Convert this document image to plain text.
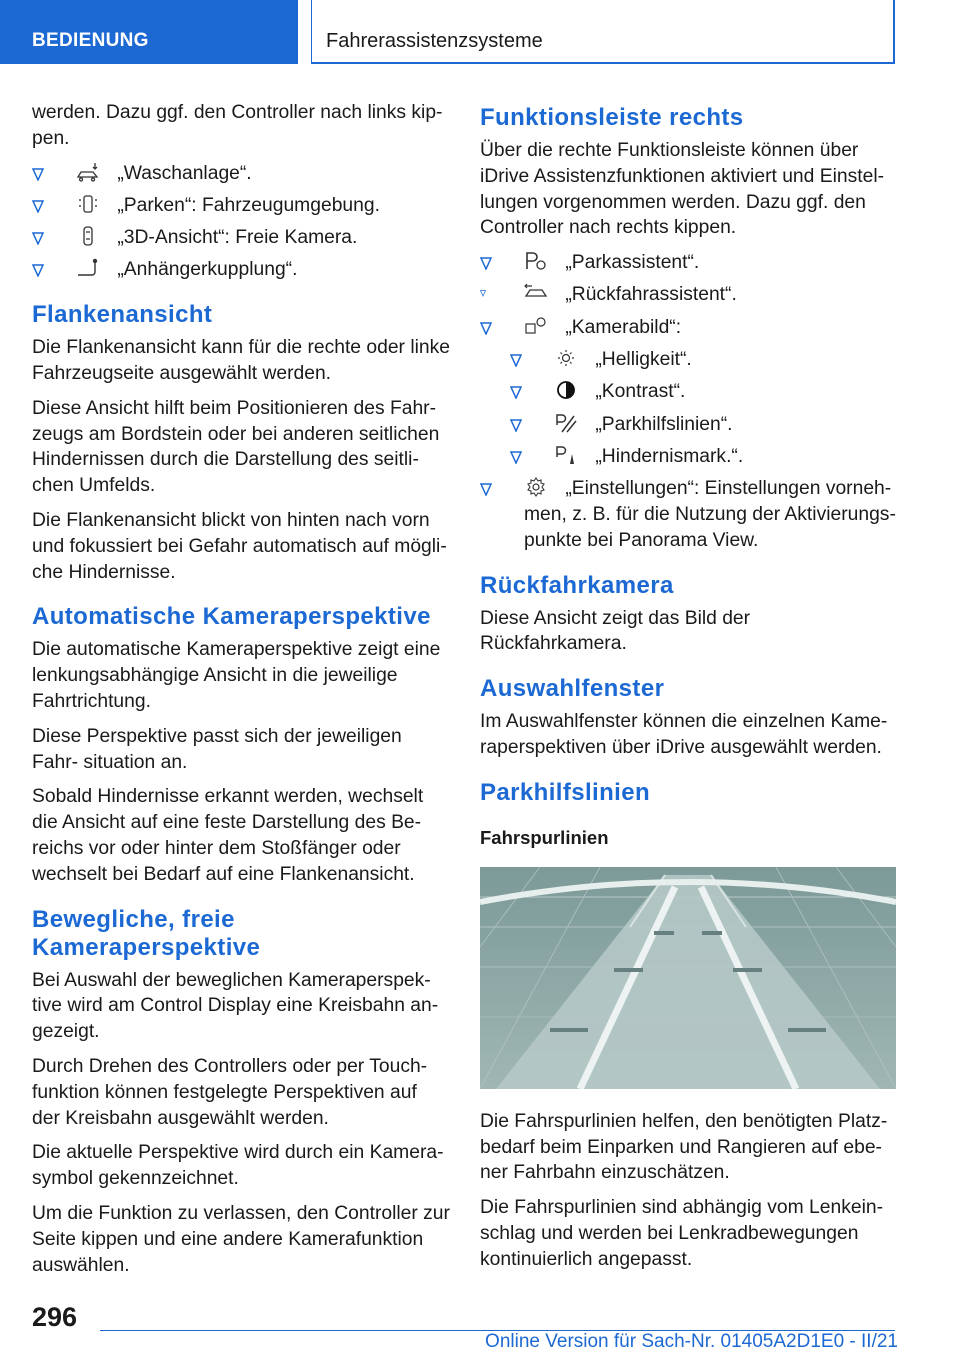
BEDIENUNG	Fahrerassistenzsysteme

werden. Dazu ggf. den Controller nach links kip- pen.

„Waschanlage“.
„Parken“: Fahrzeugumgebung.
„3D-Ansicht“: Freie Kamera.
„Anhängerkupplung“.
Flankenansicht

Die Flankenansicht kann für die rechte oder linke Fahrzeugseite ausgewählt werden.

Diese Ansicht hilft beim Positionieren des Fahr- zeugs am Bordstein oder bei anderen seitlichen Hindernissen durch die Darstellung des seitli- chen Umfelds.

Die Flankenansicht blickt von hinten nach vorn und fokussiert bei Gefahr automatisch auf mögli- che Hindernisse.

Automatische Kameraperspektive

Die automatische Kameraperspektive zeigt eine lenkungsabhängige Ansicht in die jeweilige Fahrtrichtung.

Diese Perspektive passt sich der jeweiligen Fahr- situation an.

Sobald Hindernisse erkannt werden, wechselt die Ansicht auf eine feste Darstellung des Be- reichs vor oder hinter dem Stoßfänger oder wechselt bei Bedarf auf eine Flankenansicht.

Bewegliche, freie Kameraperspektive

Bei Auswahl der beweglichen Kameraperspek- tive wird am Control Display eine Kreisbahn an- gezeigt.

Durch Drehen des Controllers oder per Touch- funktion können festgelegte Perspektiven auf der Kreisbahn ausgewählt werden.

Die aktuelle Perspektive wird durch ein Kamera- symbol gekennzeichnet.

Um die Funktion zu verlassen, den Controller zur Seite kippen und eine andere Kamerafunktion auswählen.

Funktionsleiste rechts

Über die rechte Funktionsleiste können über iDrive Assistenzfunktionen aktiviert und Einstel- lungen vorgenommen werden. Dazu ggf. den Controller nach rechts kippen.

„Parkassistent“.
„Rückfahrassistent“.
„Kamerabild“:
„Helligkeit“.
„Kontrast“.
„Parkhilfslinien“.
„Hindernismark.“.
„Einstellungen“: Einstellungen vorneh- men, z. B. für die Nutzung der Aktivierungs- punkte bei Panorama View.
Rückfahrkamera

Diese Ansicht zeigt das Bild der Rückfahrkamera.

Auswahlfenster

Im Auswahlfenster können die einzelnen Kame- raperspektiven über iDrive ausgewählt werden.

Parkhilfslinien
Fahrspurlinien

Die Fahrspurlinien helfen, den benötigten Platz- bedarf beim Einparken und Rangieren auf ebe- ner Fahrbahn einzuschätzen.

Die Fahrspurlinien sind abhängig vom Lenkein- schlag und werden bei Lenkradbewegungen kontinuierlich angepasst.

296
Online Version für Sach-Nr. 01405A2D1E0 - II/21
